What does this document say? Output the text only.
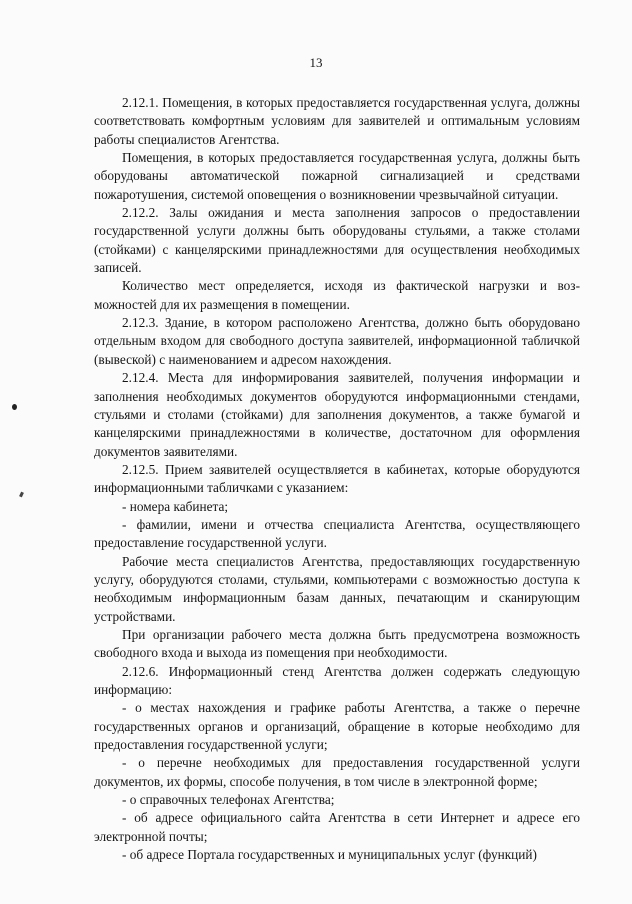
13

2.12.1. Помещения, в которых предоставляется государственная услуга, должны соответствовать комфортным условиям для заявителей и оптимальным условиям работы специалистов Агентства.

Помещения, в которых предоставляется государственная услуга, должны быть оборудованы автоматической пожарной сигнализацией и средствами пожаротушения, системой оповещения о возникновении чрезвычайной ситуации.

2.12.2. Залы ожидания и места заполнения запросов о предоставлении государственной услуги должны быть оборудованы стульями, а также столами (стойками) с канцелярскими принадлежностями для осуществления необходимых записей.

Количество мест определяется, исходя из фактической нагрузки и возможностей для их размещения в помещении.

2.12.3. Здание, в котором расположено Агентства, должно быть оборудовано отдельным входом для свободного доступа заявителей, информационной табличкой (вывеской) с наименованием и адресом нахождения.

2.12.4. Места для информирования заявителей, получения информации и заполнения необходимых документов оборудуются информационными стендами, стульями и столами (стойками) для заполнения документов, а также бумагой и канцелярскими принадлежностями в количестве, достаточном для оформления документов заявителями.

2.12.5. Прием заявителей осуществляется в кабинетах, которые оборудуются информационными табличками с указанием:

- номера кабинета;

- фамилии, имени и отчества специалиста Агентства, осуществляющего предоставление государственной услуги.

Рабочие места специалистов Агентства, предоставляющих государственную услугу, оборудуются столами, стульями, компьютерами с возможностью доступа к необходимым информационным базам данных, печатающим и сканирующим устройствами.

При организации рабочего места должна быть предусмотрена возможность свободного входа и выхода из помещения при необходимости.

2.12.6. Информационный стенд Агентства должен содержать следующую информацию:

- о местах нахождения и графике работы Агентства, а также о перечне государственных органов и организаций, обращение в которые необходимо для предоставления государственной услуги;

- о перечне необходимых для предоставления государственной услуги документов, их формы, способе получения, в том числе в электронной форме;

- о справочных телефонах Агентства;

- об адресе официального сайта Агентства в сети Интернет и адресе его электронной почты;

- об адресе Портала государственных и муниципальных услуг (функций)
